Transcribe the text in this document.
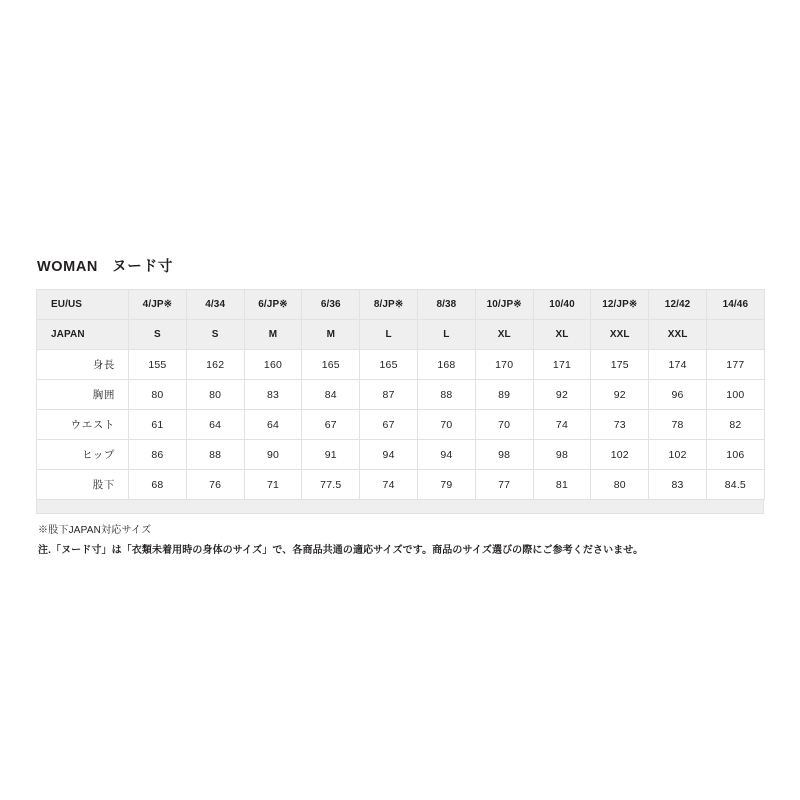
WOMAN ヌード寸
EU/US	4/JP※	4/34	6/JP※	6/36	8/JP※	8/38	10/JP※	10/40	12/JP※	12/42	14/46
JAPAN	S	S	M	M	L	L	XL	XL	XXL	XXL	
身長	155	162	160	165	165	168	170	171	175	174	177
胸囲	80	80	83	84	87	88	89	92	92	96	100
ウエスト	61	64	64	67	67	70	70	74	73	78	82
ヒップ	86	88	90	91	94	94	98	98	102	102	106
股下	68	76	71	77.5	74	79	77	81	80	83	84.5
※股下JAPAN対応サイズ
注.「ヌード寸」は「衣類未着用時の身体のサイズ」で、各商品共通の適応サイズです。商品のサイズ選びの際にご参考くださいませ。
